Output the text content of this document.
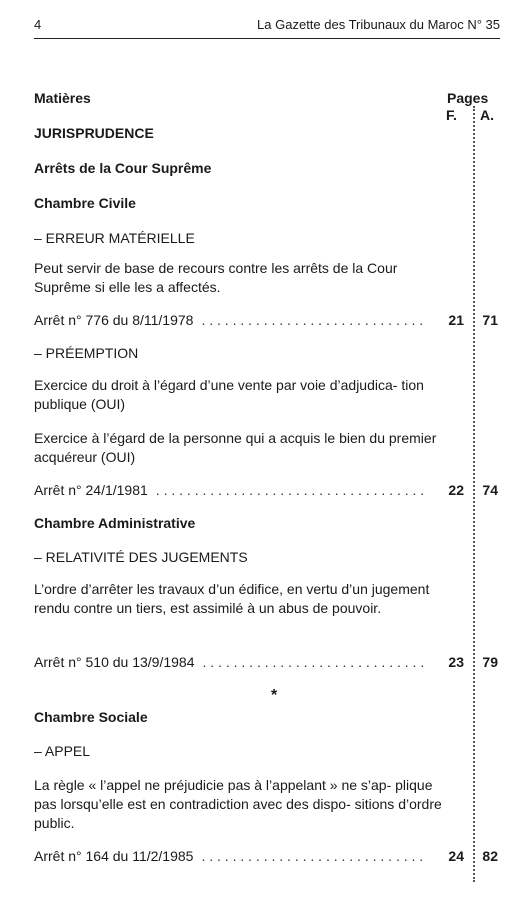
4	La Gazette des Tribunaux du Maroc N° 35
Matières	Pages
F. A.
JURISPRUDENCE
Arrêts de la Cour Suprême
Chambre Civile
– ERREUR MATÉRIELLE
Peut servir de base de recours contre les arrêts de la Cour Suprême si elle les a affectés.
Arrêt n° 776 du 8/11/1978 . . .	21	71
– PRÉEMPTION
Exercice du droit à l’égard d’une vente par voie d’adjudica- tion publique (OUI)
Exercice à l’égard de la personne qui a acquis le bien du premier acquéreur (OUI)
Arrêt n° 24/1/1981 . . .	22	74
Chambre Administrative
– RELATIVITÉ DES JUGEMENTS
L’ordre d’arrêter les travaux d’un édifice, en vertu d’un jugement rendu contre un tiers, est assimilé à un abus de pouvoir.
Arrêt n° 510 du 13/9/1984 . . .	23	79
*
Chambre Sociale
– APPEL
La règle « l’appel ne préjudicie pas à l’appelant » ne s’ap- plique pas lorsqu’elle est en contradiction avec des dispo- sitions d’ordre public.
Arrêt n° 164 du 11/2/1985 . . .	24	82
